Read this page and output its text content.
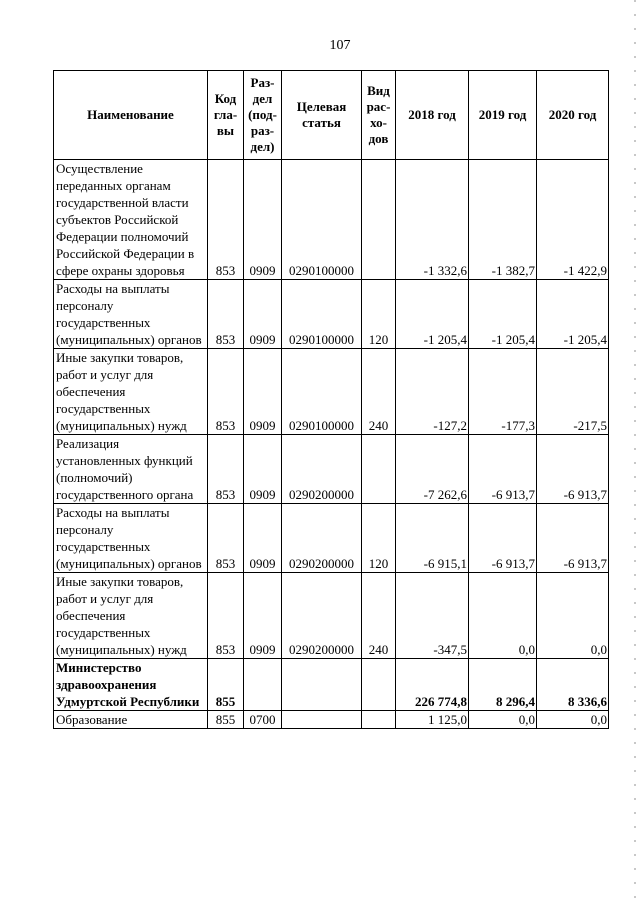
107
Наименование	Код гла-вы	Раз-дел (под-раз-дел)	Целевая статья	Вид рас-хо-дов	2018 год	2019 год	2020 год
Осуществление переданных органам государственной власти субъектов Российской Федерации полномочий Российской Федерации в сфере охраны здоровья	853	0909	0290100000		-1 332,6	-1 382,7	-1 422,9
Расходы на выплаты персоналу государственных (муниципальных) органов	853	0909	0290100000	120	-1 205,4	-1 205,4	-1 205,4
Иные закупки товаров, работ и услуг для обеспечения государственных (муниципальных) нужд	853	0909	0290100000	240	-127,2	-177,3	-217,5
Реализация установленных функций (полномочий) государственного органа	853	0909	0290200000		-7 262,6	-6 913,7	-6 913,7
Расходы на выплаты персоналу государственных (муниципальных) органов	853	0909	0290200000	120	-6 915,1	-6 913,7	-6 913,7
Иные закупки товаров, работ и услуг для обеспечения государственных (муниципальных) нужд	853	0909	0290200000	240	-347,5	0,0	0,0
Министерство здравоохранения Удмуртской Республики	855				226 774,8	8 296,4	8 336,6
Образование	855	0700			1 125,0	0,0	0,0
